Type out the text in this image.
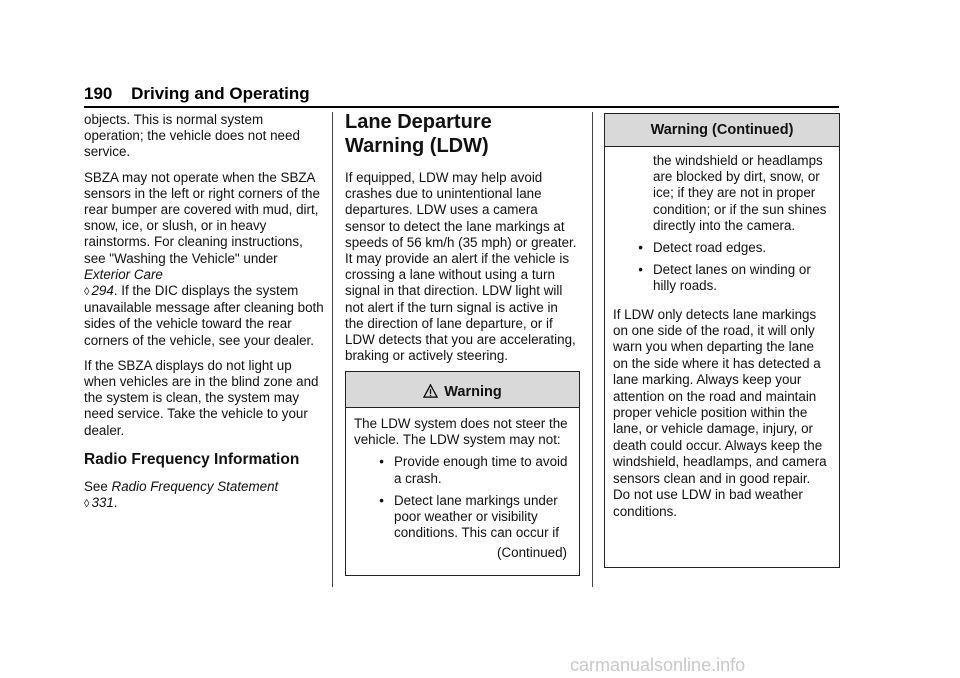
190 Driving and Operating

objects. This is normal system operation; the vehicle does not need service.

SBZA may not operate when the SBZA sensors in the left or right corners of the rear bumper are covered with mud, dirt, snow, ice, or slush, or in heavy rainstorms. For cleaning instructions, see "Washing the Vehicle" under Exterior Care
◊ 294. If the DIC displays the system unavailable message after cleaning both sides of the vehicle toward the rear corners of the vehicle, see your dealer.

If the SBZA displays do not light up when vehicles are in the blind zone and the system is clean, the system may need service. Take the vehicle to your dealer.

Radio Frequency Information

See Radio Frequency Statement
◊ 331.

Lane Departure
Warning (LDW)

If equipped, LDW may help avoid crashes due to unintentional lane departures. LDW uses a camera sensor to detect the lane markings at speeds of 56 km/h (35 mph) or greater. It may provide an alert if the vehicle is crossing a lane without using a turn signal in that direction. LDW light will not alert if the turn signal is active in the direction of lane departure, or if LDW detects that you are accelerating, braking or actively steering.

Warning

The LDW system does not steer the vehicle. The LDW system may not:

• Provide enough time to avoid a crash.
• Detect lane markings under poor weather or visibility conditions. This can occur if
(Continued)
Warning (Continued)

the windshield or headlamps are blocked by dirt, snow, or ice; if they are not in proper condition; or if the sun shines directly into the camera.

• Detect road edges.
• Detect lanes on winding or hilly roads.

If LDW only detects lane markings on one side of the road, it will only warn you when departing the lane on the side where it has detected a lane marking. Always keep your attention on the road and maintain proper vehicle position within the lane, or vehicle damage, injury, or death could occur. Always keep the windshield, headlamps, and camera sensors clean and in good repair. Do not use LDW in bad weather conditions.

carmanualsonline.info
